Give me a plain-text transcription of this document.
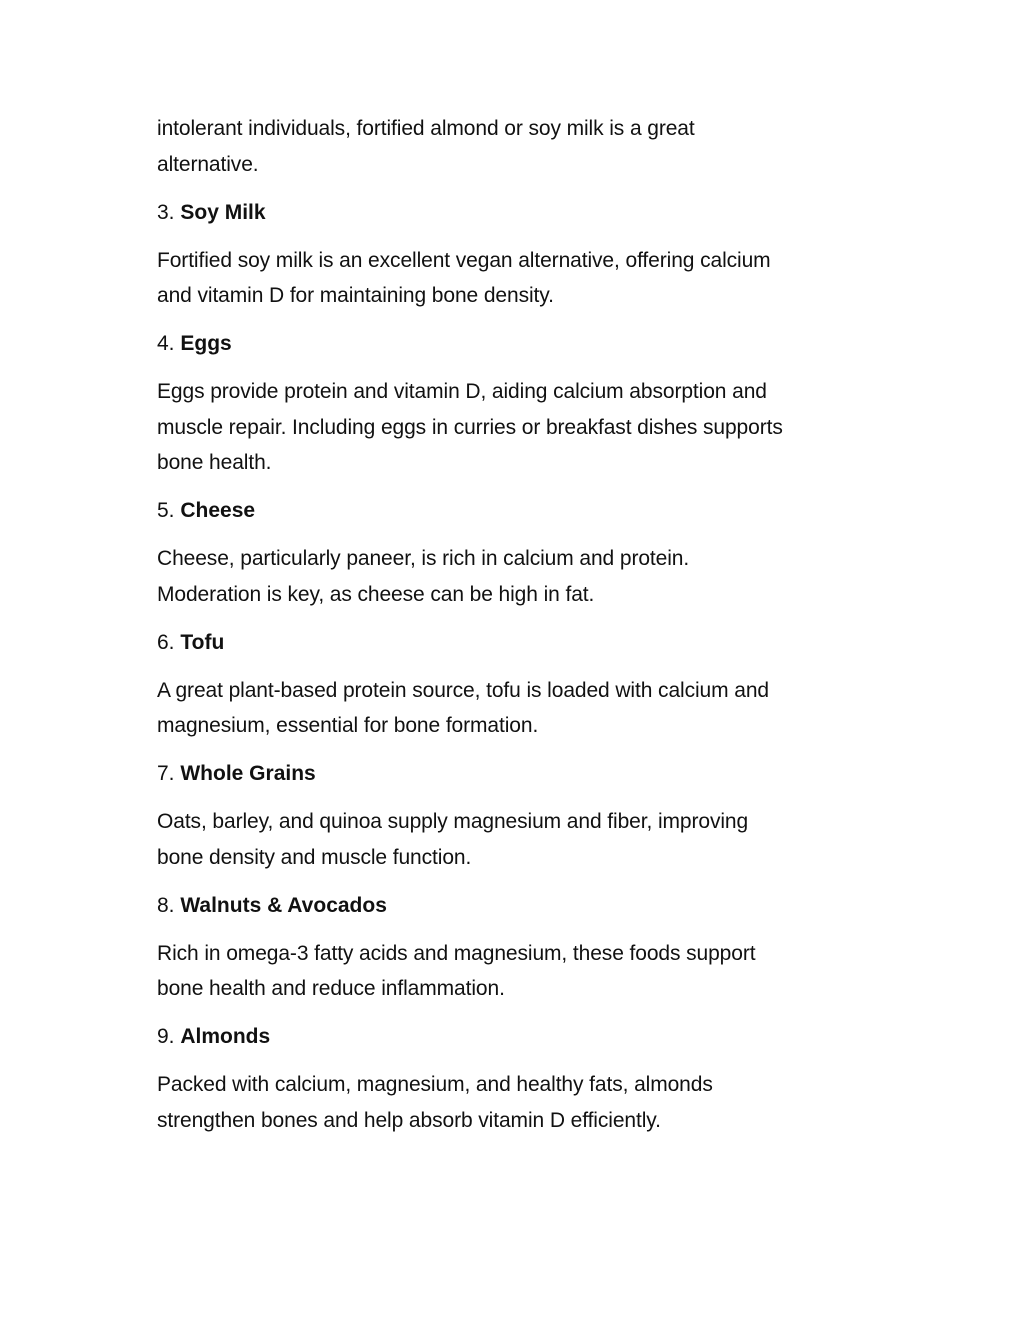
intolerant individuals, fortified almond or soy milk is a great
alternative.

3. Soy Milk

Fortified soy milk is an excellent vegan alternative, offering calcium
and vitamin D for maintaining bone density.

4. Eggs

Eggs provide protein and vitamin D, aiding calcium absorption and
muscle repair. Including eggs in curries or breakfast dishes supports
bone health.

5. Cheese

Cheese, particularly paneer, is rich in calcium and protein.
Moderation is key, as cheese can be high in fat.

6. Tofu

A great plant-based protein source, tofu is loaded with calcium and
magnesium, essential for bone formation.

7. Whole Grains

Oats, barley, and quinoa supply magnesium and fiber, improving
bone density and muscle function.

8. Walnuts & Avocados

Rich in omega-3 fatty acids and magnesium, these foods support
bone health and reduce inflammation.

9. Almonds

Packed with calcium, magnesium, and healthy fats, almonds
strengthen bones and help absorb vitamin D efficiently.
